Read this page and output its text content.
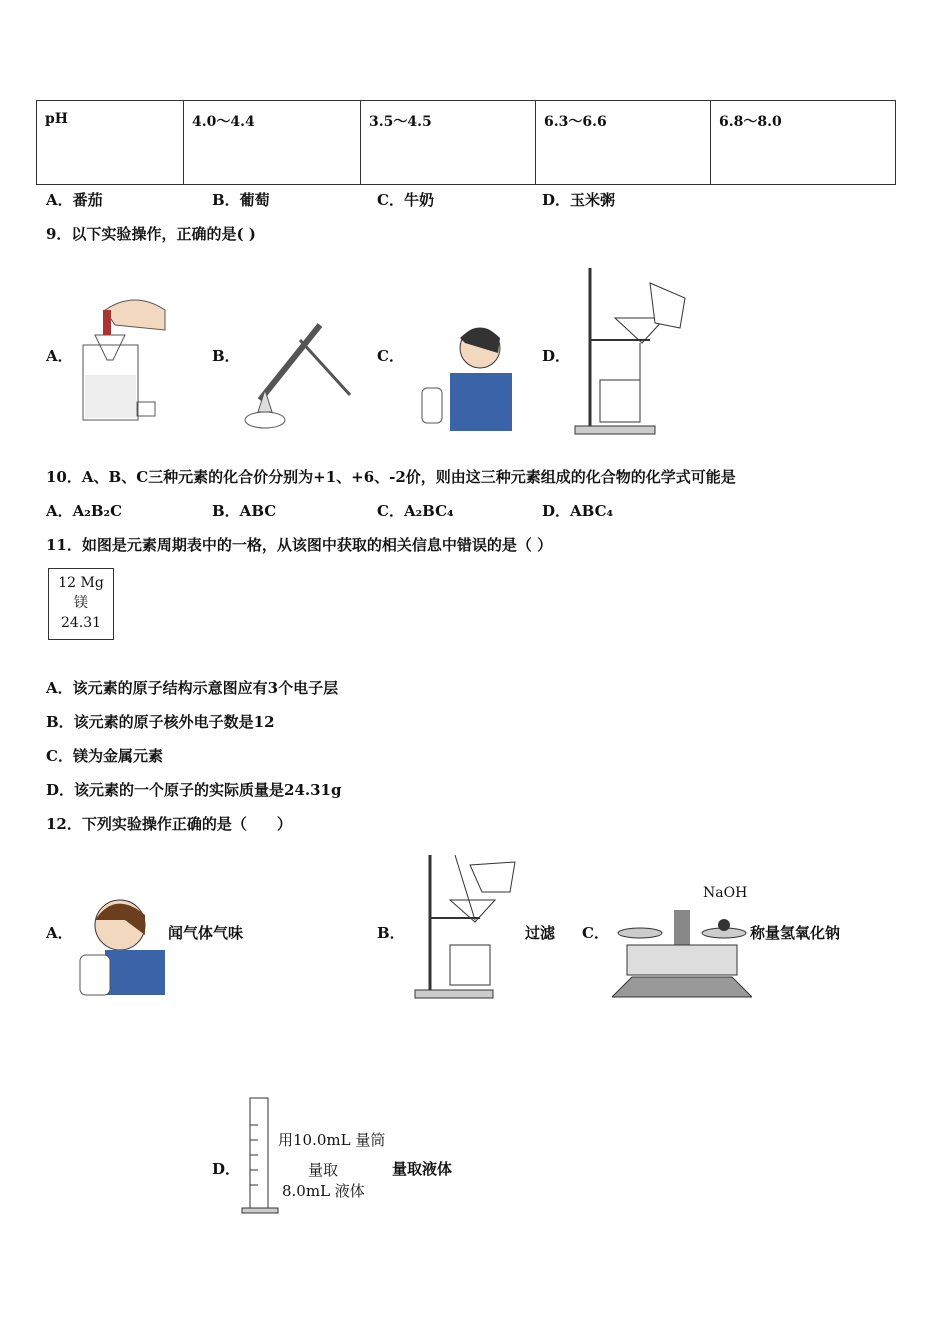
pH	4.0～4.4	3.5～4.5	6.3～6.6	6.8～8.0
A．番茄	B．葡萄	C．牛奶	D．玉米粥
9．以下实验操作，正确的是( )
A．	B．	C．	D．
10．A、B、C三种元素的化合价分别为+1、+6、-2价，则由这三种元素组成的化合物的化学式可能是
A．A₂B₂C	B．ABC	C．A₂BC₄	D．ABC₄
11．如图是元素周期表中的一格，从该图中获取的相关信息中错误的是（ ）
12 Mg
镁
24.31
A．该元素的原子结构示意图应有3个电子层
B．该元素的原子核外电子数是12
C．镁为金属元素
D．该元素的一个原子的实际质量是24.31g
12．下列实验操作正确的是（　　）
A．	闻气体气味	B．	过滤 C．
NaOH
称量氢氧化钠
D．
用10.0mL 量筒
量取
8.0mL 液体
量取液体
